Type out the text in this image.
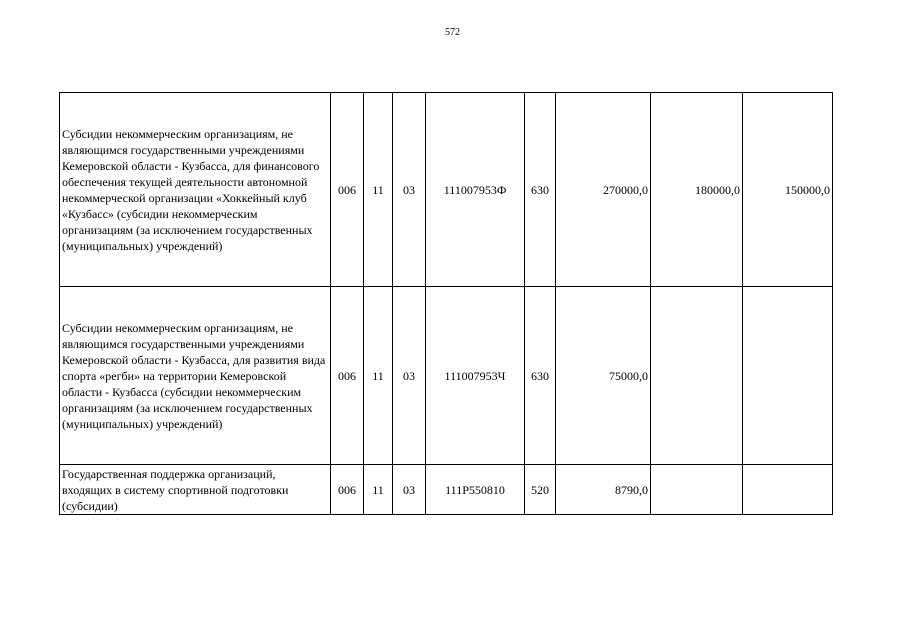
572
Субсидии некоммерческим организациям, не являющимся государственными учреждениями Кемеровской области - Кузбасса, для финансового обеспечения текущей деятельности автономной некоммерческой организации «Хоккейный клуб «Кузбасс» (субсидии некоммерческим организациям (за исключением государственных (муниципальных) учреждений)	006	11	03	111007953Ф	630	270000,0	180000,0	150000,0
Субсидии некоммерческим организациям, не являющимся государственными учреждениями Кемеровской области - Кузбасса, для развития вида спорта «регби» на территории Кемеровской области - Кузбасса (субсидии некоммерческим организациям (за исключением государственных (муниципальных) учреждений)	006	11	03	111007953Ч	630	75000,0		
Государственная поддержка организаций, входящих в систему спортивной подготовки (субсидии)	006	11	03	111P550810	520	8790,0		
